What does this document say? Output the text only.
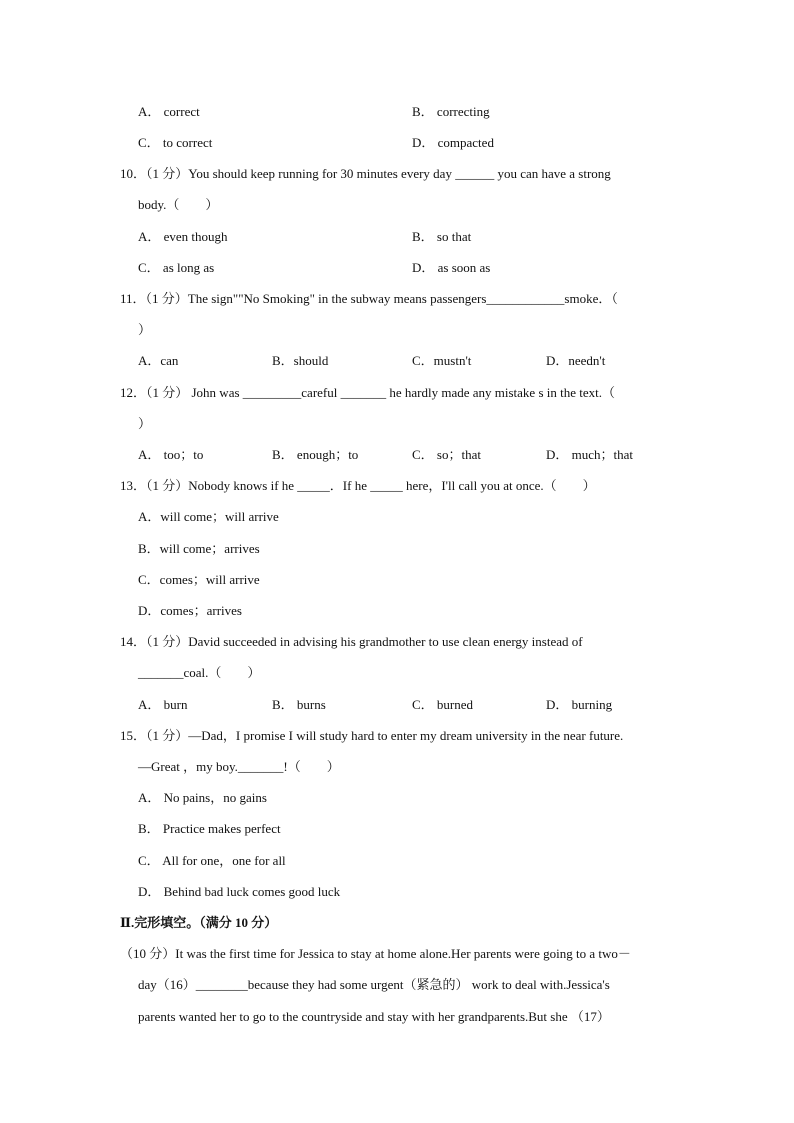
A． correct	B． correcting
C． to correct	D． compacted
10．（1 分）You should keep running for 30 minutes every day ______ you can have a strong
body.（　　）
A． even though	B． so that
C． as long as	D． as soon as
11．（1 分）The sign""No Smoking" in the subway means passengers____________smoke．（
）
A．can	B．should	C．mustn't	D．needn't
12．（1 分） John was _________careful _______ he hardly made any mistake s in the text.（
）
A． too；to	B． enough；to	C． so；that	D． much；that
13．（1 分）Nobody knows if he _____．If he _____ here，I'll call you at once.（　　）
A．will come；will arrive
B．will come；arrives
C．comes；will arrive
D．comes；arrives
14．（1 分）David succeeded in advising his grandmother to use clean energy instead of
_______coal.（　　）
A． burn	B． burns	C． burned	D． burning
15．（1 分）—Dad，I promise I will study hard to enter my dream university in the near future.
—Great ，my boy._______!（　　）
A． No pains，no gains
B． Practice makes perfect
C． All for one，one for all
D． Behind bad luck comes good luck
Ⅱ.完形填空。（满分 10 分）
（10 分）It was the first time for Jessica to stay at home alone.Her parents were going to a two－
day（16）________because they had some urgent（紧急的） work to deal with.Jessica's
parents wanted her to go to the countryside and stay with her grandparents.But she （17）
